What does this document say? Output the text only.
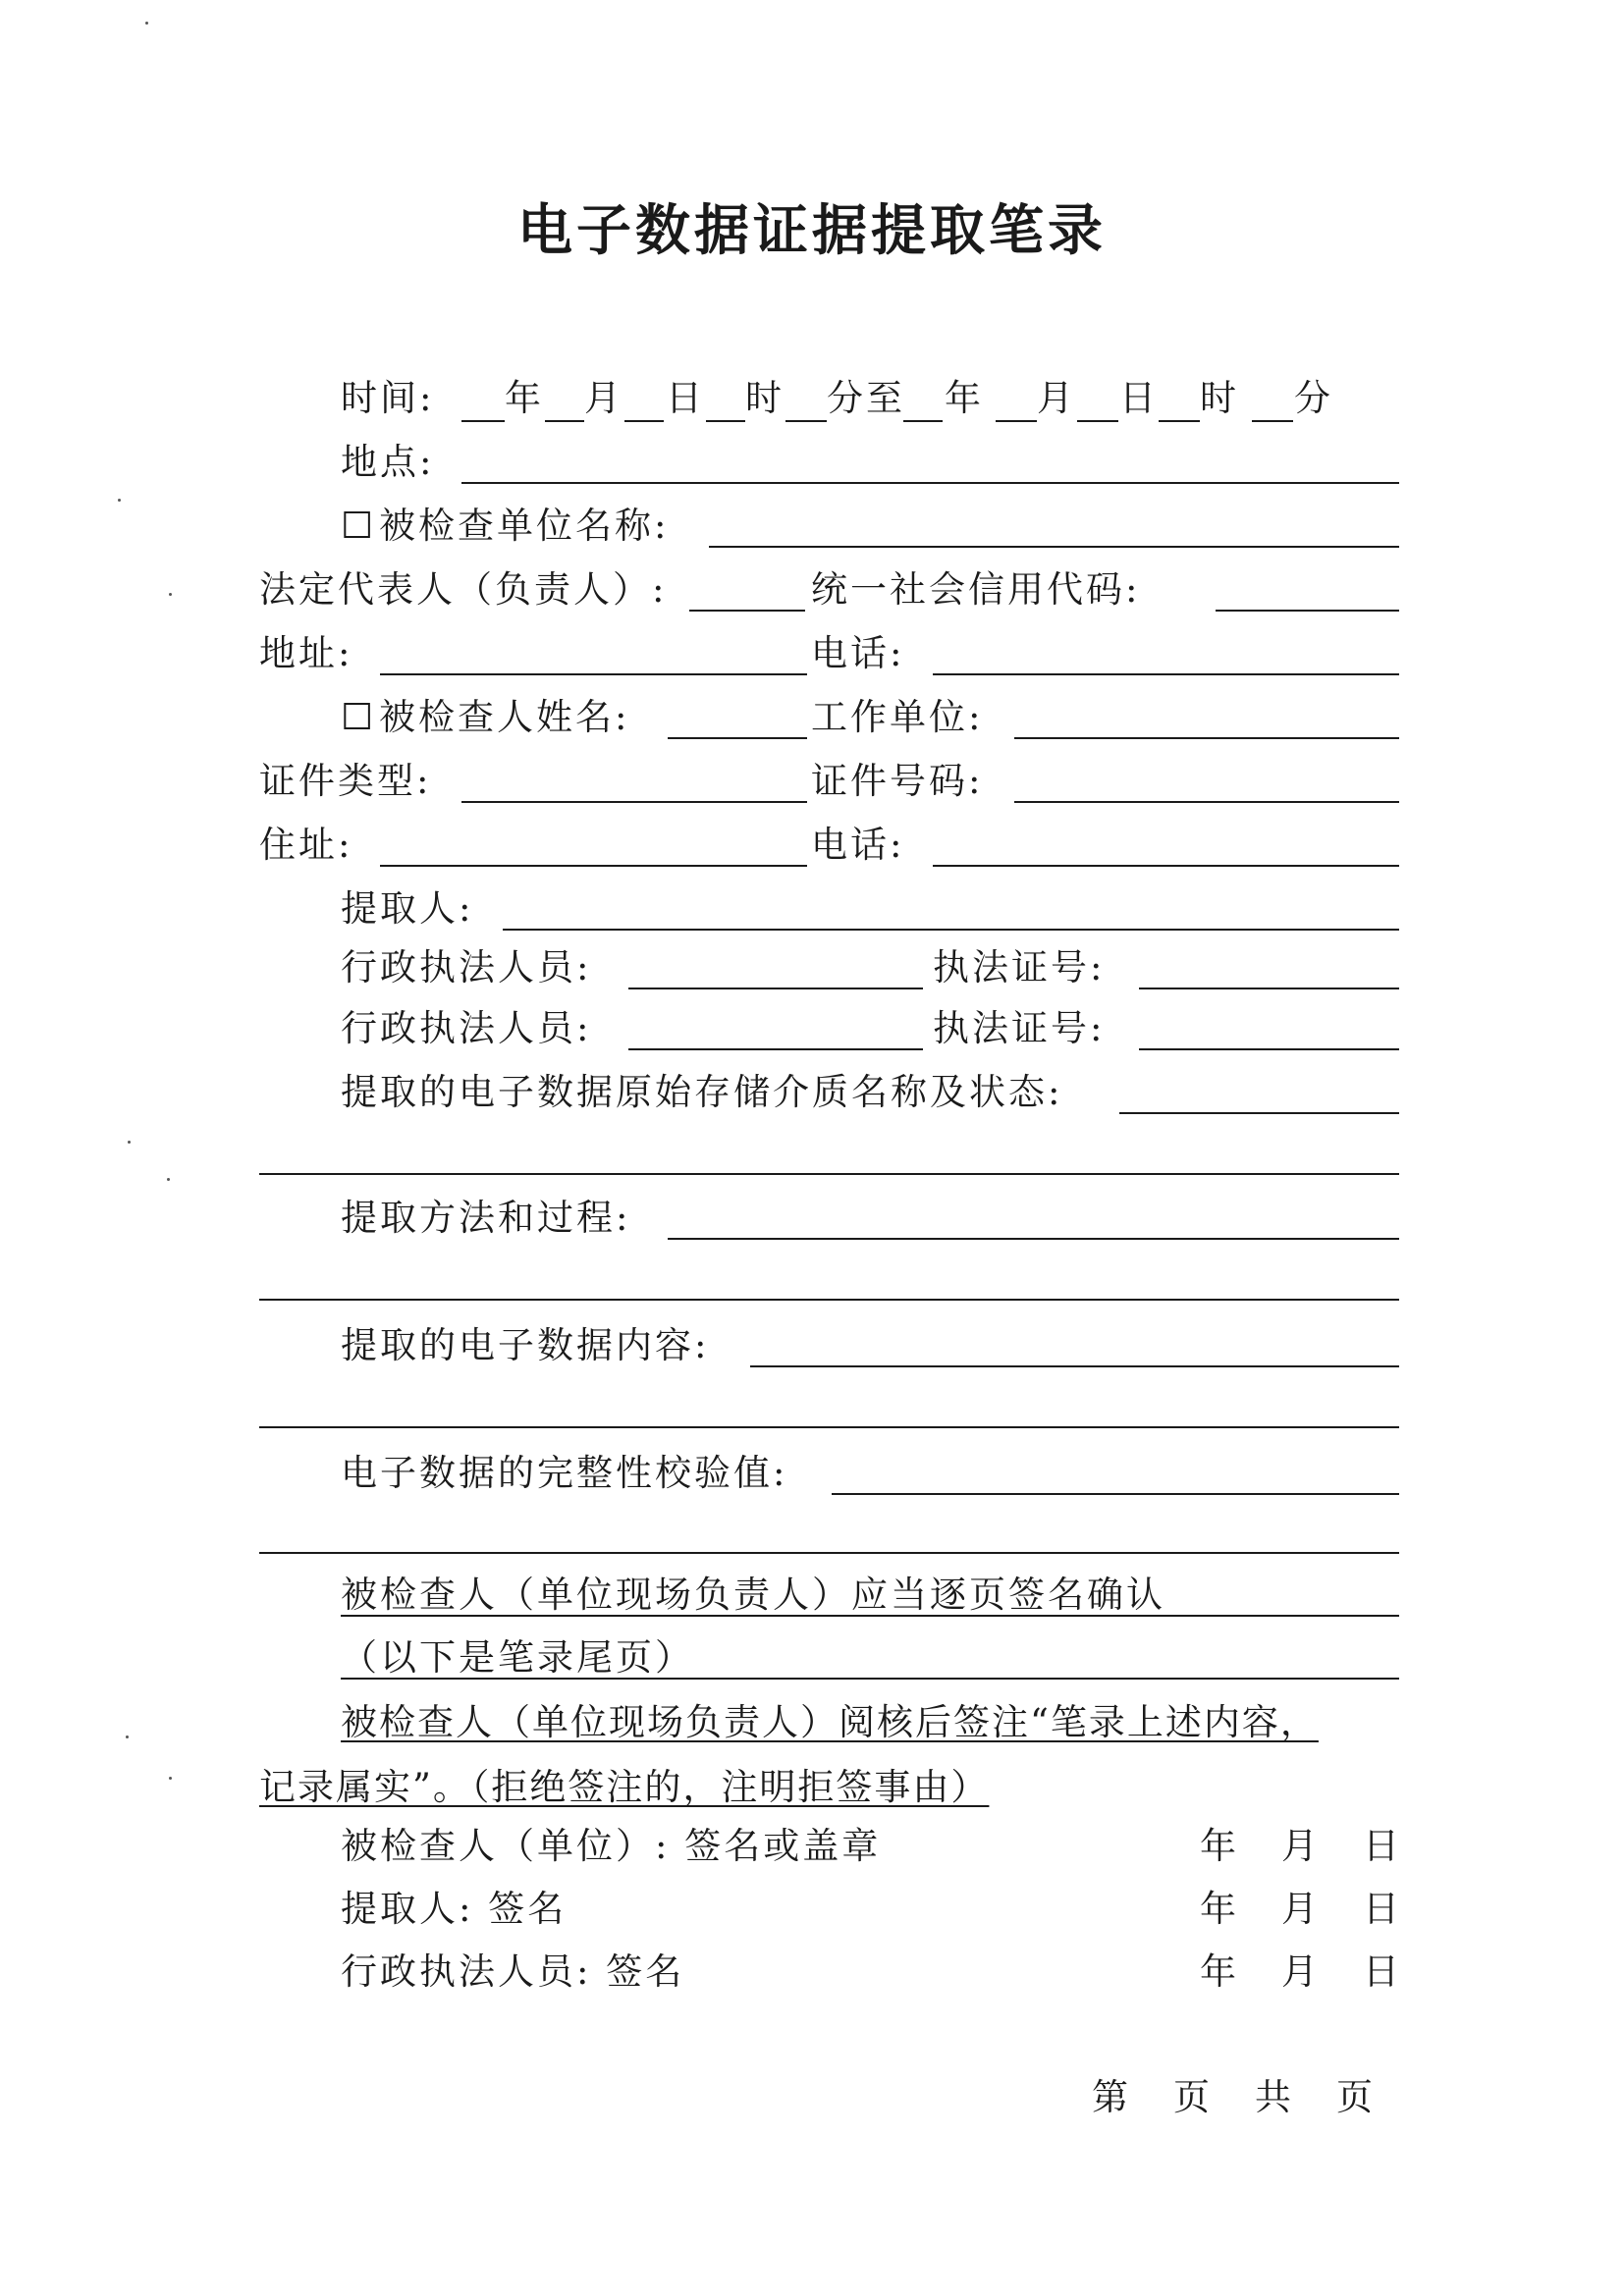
电子数据证据提取笔录
时间: 年 月 日 时 分至 年 月 日 时 分
地点:
☐ 被检查单位名称:
法定代表人（负责人）:	统一社会信用代码:
地址:	电话:
☐ 被检查人姓名:	工作单位:
证件类型:	证件号码:
住址:	电话:
提取人:
行政执法人员:	执法证号:
行政执法人员:	执法证号:
提取的电子数据原始存储介质名称及状态:
提取方法和过程:
提取的电子数据内容:
电子数据的完整性校验值:
被检查人（单位现场负责人）应当逐页签名确认
（以下是笔录尾页）
被检查人（单位现场负责人）阅核后签注“笔录上述内容，
记录属实”。（拒绝签注的，注明拒签事由）
被检查人（单位）: 签名或盖章	年 月 日
提取人: 签名	年 月 日
行政执法人员: 签名	年 月 日
第 页 共 页
